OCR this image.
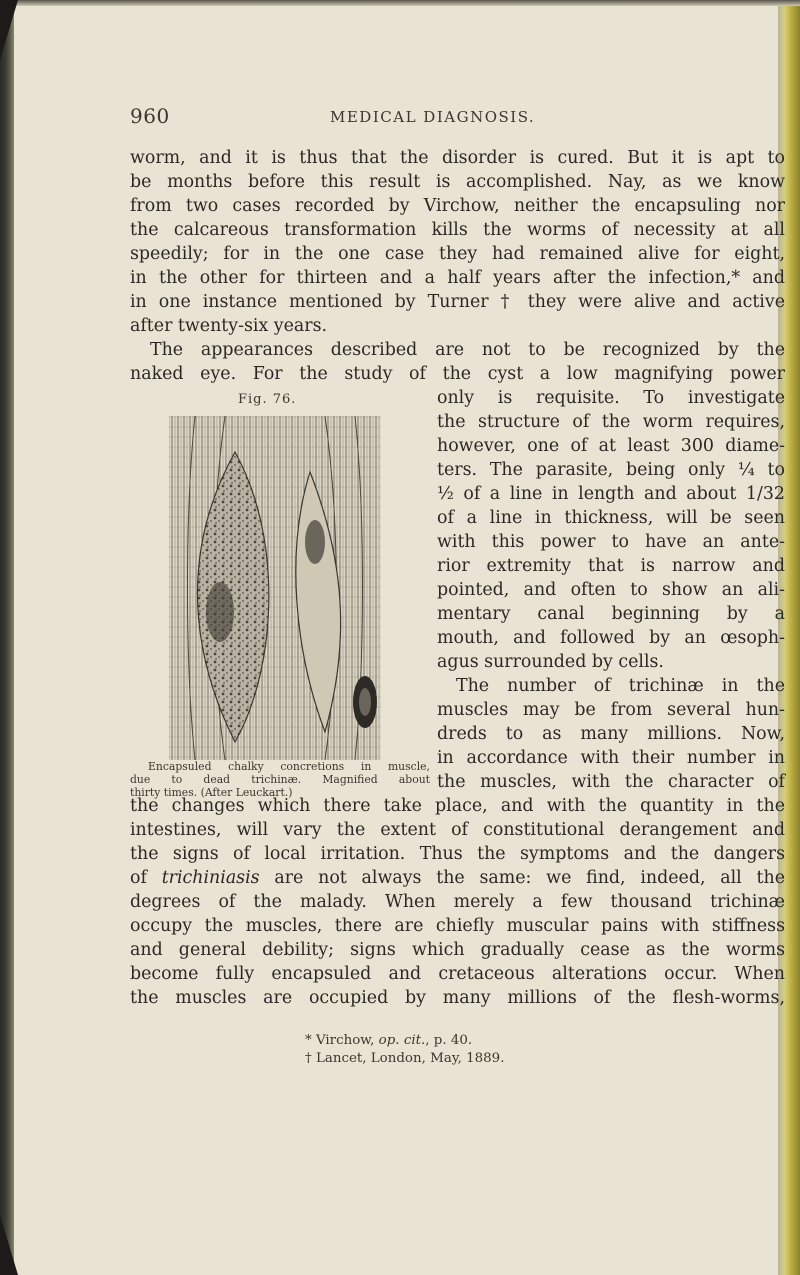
960	MEDICAL DIAGNOSIS.
worm, and it is thus that the disorder is cured. But it is apt to
be months before this result is accomplished. Nay, as we know
from two cases recorded by Virchow, neither the encapsuling nor
the calcareous transformation kills the worms of necessity at all
speedily; for in the one case they had remained alive for eight,
in the other for thirteen and a half years after the infection,* and
in one instance mentioned by Turner † they were alive and active
after twenty-six years.
The appearances described are not to be recognized by the
naked eye. For the study of the cyst a low magnifying power
Fig. 76.	only is requisite. To investigate
the structure of the worm requires,
however, one of at least 300 diame-
ters. The parasite, being only ¼ to
½ of a line in length and about 1/32
of a line in thickness, will be seen
with this power to have an ante-
rior extremity that is narrow and
pointed, and often to show an ali-
mentary canal beginning by a
mouth, and followed by an œsoph-
agus surrounded by cells.
The number of trichinæ in the
muscles may be from several hun-
dreds to as many millions. Now,
in accordance with their number in
the muscles, with the character of
Encapsuled chalky concretions in muscle,
due to dead trichinæ. Magnified about
thirty times. (After Leuckart.)
the changes which there take place, and with the quantity in the
intestines, will vary the extent of constitutional derangement and
the signs of local irritation. Thus the symptoms and the dangers
of trichiniasis are not always the same: we find, indeed, all the
degrees of the malady. When merely a few thousand trichinæ
occupy the muscles, there are chiefly muscular pains with stiffness
and general debility; signs which gradually cease as the worms
become fully encapsuled and cretaceous alterations occur. When
the muscles are occupied by many millions of the flesh-worms,
* Virchow, op. cit., p. 40.
† Lancet, London, May, 1889.
